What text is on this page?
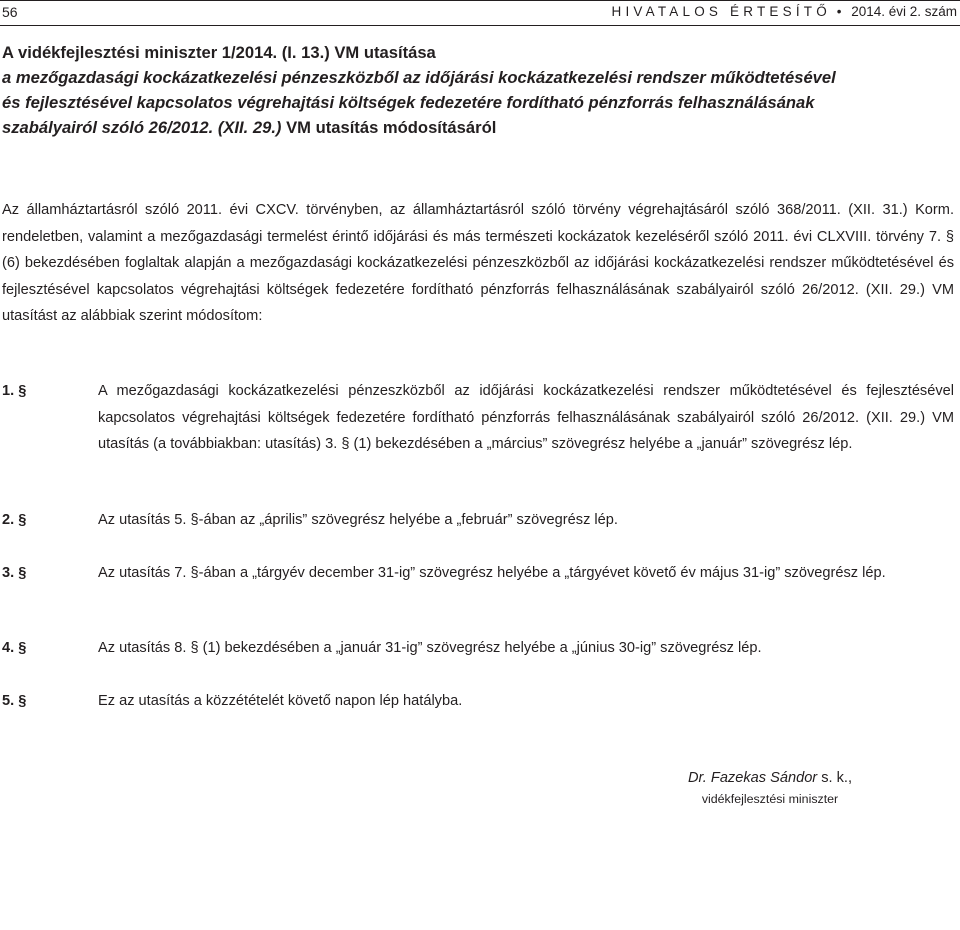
56	HIVATALOS ÉRTESÍTŐ • 2014. évi 2. szám
A vidékfejlesztési miniszter 1/2014. (I. 13.) VM utasítása
a mezőgazdasági kockázatkezelési pénzeszközből az időjárási kockázatkezelési rendszer működtetésével
és fejlesztésével kapcsolatos végrehajtási költségek fedezetére fordítható pénzforrás felhasználásának
szabályairól szóló 26/2012. (XII. 29.) VM utasítás módosításáról
Az államháztartásról szóló 2011. évi CXCV. törvényben, az államháztartásról szóló törvény végrehajtásáról szóló 368/2011. (XII. 31.) Korm. rendeletben, valamint a mezőgazdasági termelést érintő időjárási és más természeti kockázatok kezeléséről szóló 2011. évi CLXVIII. törvény 7. § (6) bekezdésében foglaltak alapján a mezőgazdasági kockázatkezelési pénzeszközből az időjárási kockázatkezelési rendszer működtetésével és fejlesztésével kapcsolatos végrehajtási költségek fedezetére fordítható pénzforrás felhasználásának szabályairól szóló 26/2012. (XII. 29.) VM utasítást az alábbiak szerint módosítom:
1. §	A mezőgazdasági kockázatkezelési pénzeszközből az időjárási kockázatkezelési rendszer működtetésével és fejlesztésével kapcsolatos végrehajtási költségek fedezetére fordítható pénzforrás felhasználásának szabályairól szóló 26/2012. (XII. 29.) VM utasítás (a továbbiakban: utasítás) 3. § (1) bekezdésében a „március” szövegrész helyébe a „január” szövegrész lép.
2. §	Az utasítás 5. §-ában az „április” szövegrész helyébe a „február” szövegrész lép.
3. §	Az utasítás 7. §-ában a „tárgyév december 31-ig” szövegrész helyébe a „tárgyévet követő év május 31-ig” szövegrész lép.
4. §	Az utasítás 8. § (1) bekezdésében a „január 31-ig” szövegrész helyébe a „június 30-ig” szövegrész lép.
5. §	Ez az utasítás a közzétételét követő napon lép hatályba.
Dr. Fazekas Sándor s. k.,
vidékfejlesztési miniszter
